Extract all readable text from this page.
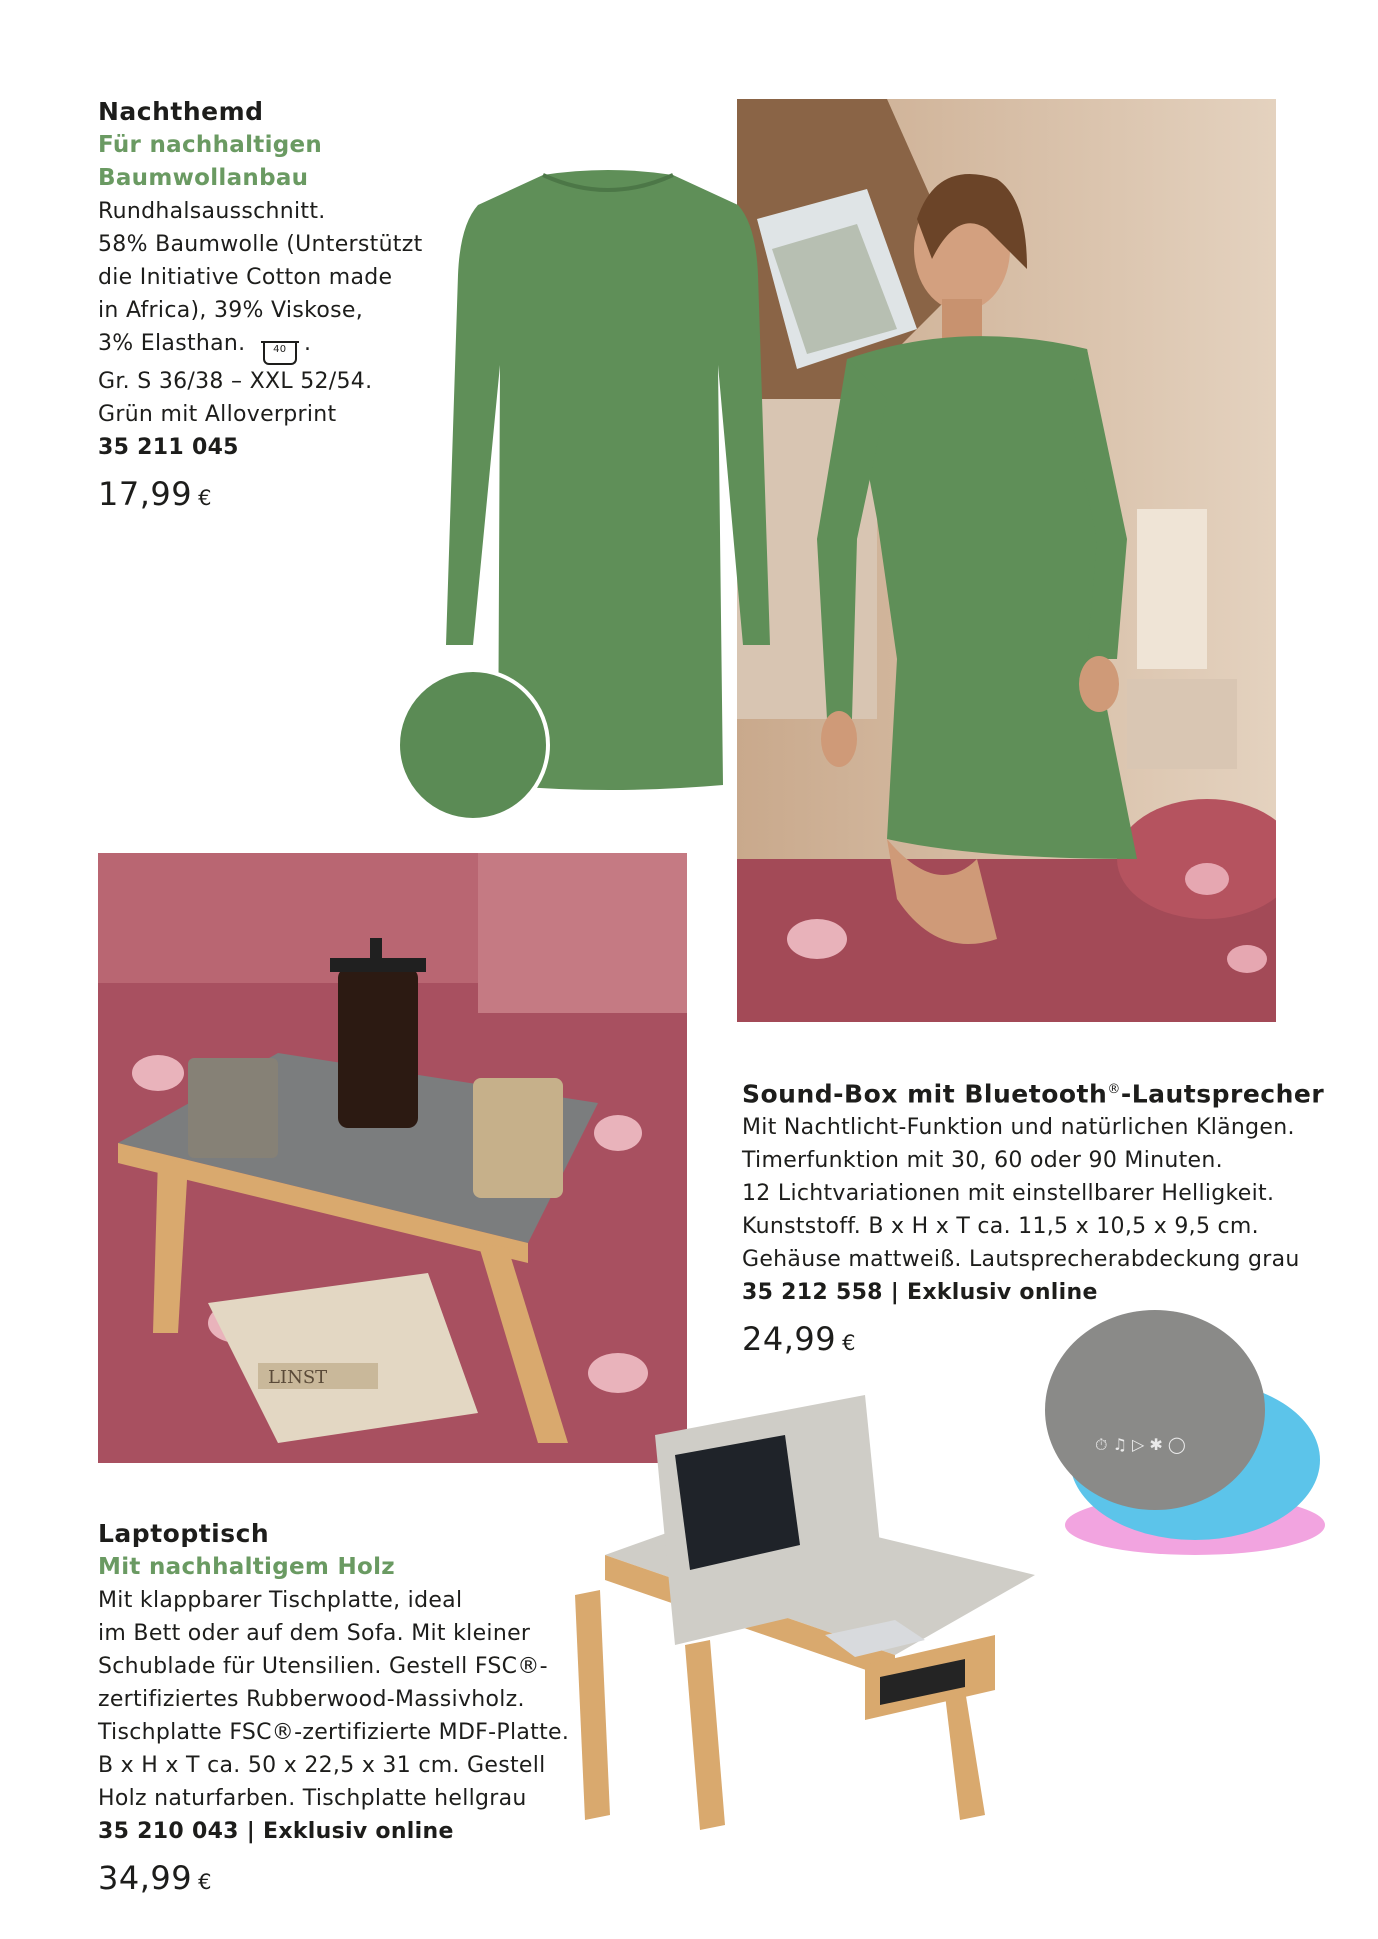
LINST
⏱ ♫ ▷ ✱ ◯
Nachthemd
Für nachhaltigen
Baumwollanbau
Rundhalsausschnitt.
58% Baumwolle (Unterstützt
die Initiative Cotton made
in Africa), 39% Viskose,
3% Elasthan.	40 .
Gr. S 36/38 – XXL 52/54.
Grün mit Alloverprint
35 211 045
17,99 €
Sound-Box mit Bluetooth®-Lautsprecher
Mit Nachtlicht-Funktion und natürlichen Klängen.
Timerfunktion mit 30, 60 oder 90 Minuten.
12 Lichtvariationen mit einstellbarer Helligkeit.
Kunststoff. B x H x T ca. 11,5 x 10,5 x 9,5 cm.
Gehäuse mattweiß. Lautsprecherabdeckung grau
35 212 558 | Exklusiv online
24,99 €
Laptoptisch
Mit nachhaltigem Holz
Mit klappbarer Tischplatte, ideal
im Bett oder auf dem Sofa. Mit kleiner
Schublade für Utensilien. Gestell FSC®-
zertifiziertes Rubberwood-Massivholz.
Tischplatte FSC®-zertifizierte MDF-Platte.
B x H x T ca. 50 x 22,5 x 31 cm. Gestell
Holz naturfarben. Tischplatte hellgrau
35 210 043 | Exklusiv online
34,99 €
